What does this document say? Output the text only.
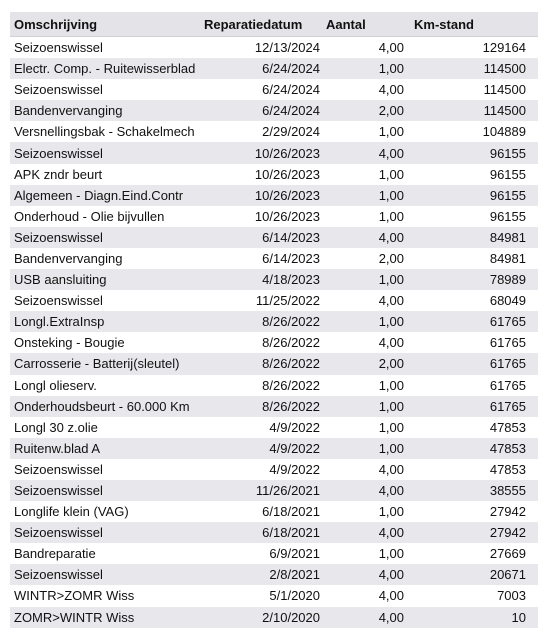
Omschrijving	Reparatiedatum	Aantal	Km-stand
Seizoenswissel	12/13/2024	4,00	129164
Electr. Comp. - Ruitewisserblad	6/24/2024	1,00	114500
Seizoenswissel	6/24/2024	4,00	114500
Bandenvervanging	6/24/2024	2,00	114500
Versnellingsbak - Schakelmech	2/29/2024	1,00	104889
Seizoenswissel	10/26/2023	4,00	96155
APK zndr beurt	10/26/2023	1,00	96155
Algemeen - Diagn.Eind.Contr	10/26/2023	1,00	96155
Onderhoud - Olie bijvullen	10/26/2023	1,00	96155
Seizoenswissel	6/14/2023	4,00	84981
Bandenvervanging	6/14/2023	2,00	84981
USB aansluiting	4/18/2023	1,00	78989
Seizoenswissel	11/25/2022	4,00	68049
Longl.ExtraInsp	8/26/2022	1,00	61765
Onsteking - Bougie	8/26/2022	4,00	61765
Carrosserie - Batterij(sleutel)	8/26/2022	2,00	61765
Longl olieserv.	8/26/2022	1,00	61765
Onderhoudsbeurt - 60.000 Km	8/26/2022	1,00	61765
Longl 30 z.olie	4/9/2022	1,00	47853
Ruitenw.blad A	4/9/2022	1,00	47853
Seizoenswissel	4/9/2022	4,00	47853
Seizoenswissel	11/26/2021	4,00	38555
Longlife klein (VAG)	6/18/2021	1,00	27942
Seizoenswissel	6/18/2021	4,00	27942
Bandreparatie	6/9/2021	1,00	27669
Seizoenswissel	2/8/2021	4,00	20671
WINTR>ZOMR Wiss	5/1/2020	4,00	7003
ZOMR>WINTR Wiss	2/10/2020	4,00	10
